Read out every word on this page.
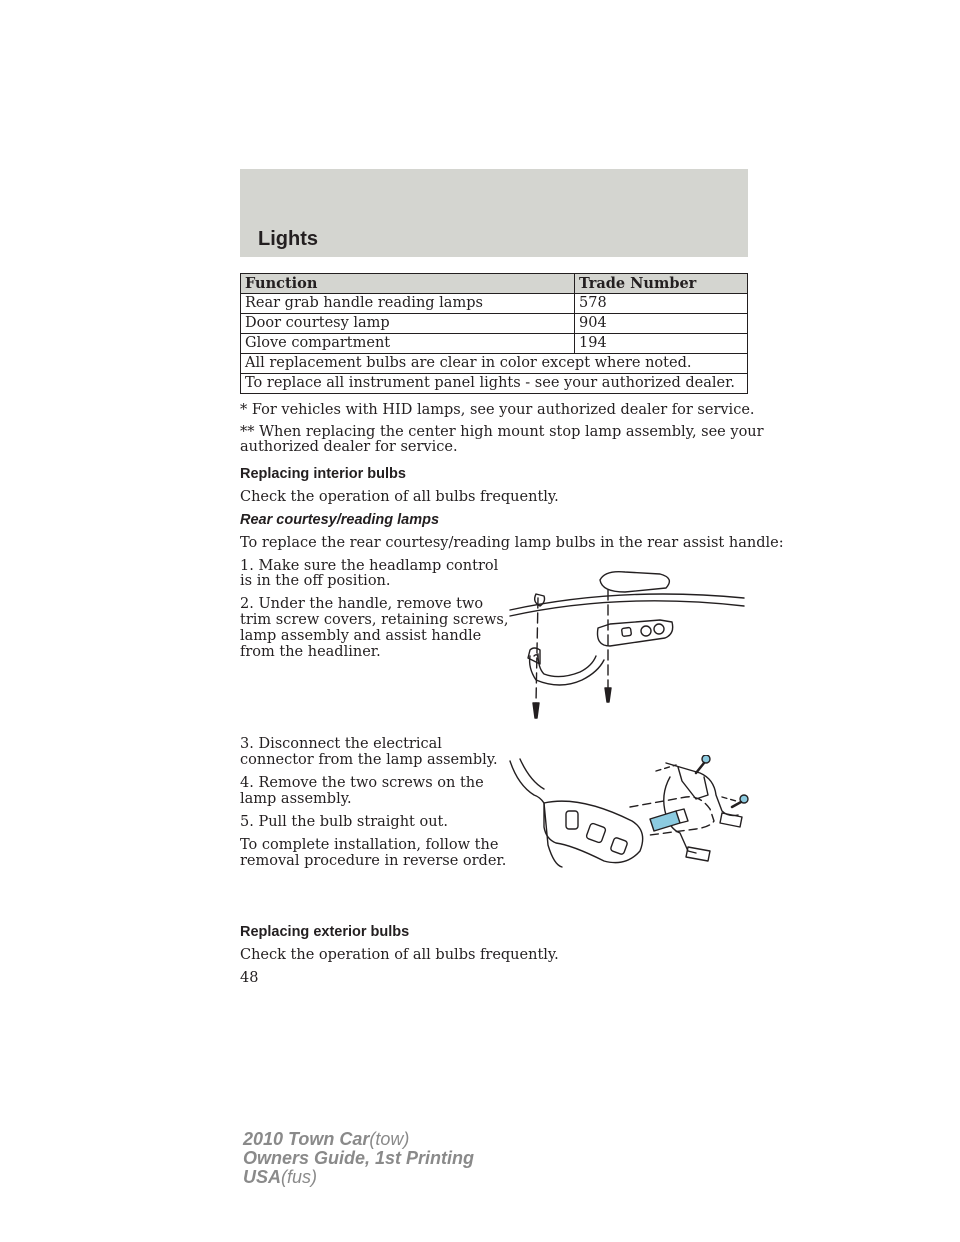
Lights
Function	Trade Number
Rear grab handle reading lamps	578
Door courtesy lamp	904
Glove compartment	194
All replacement bulbs are clear in color except where noted.	
To replace all instrument panel lights - see your authorized dealer.	

* For vehicles with HID lamps, see your authorized dealer for service.

** When replacing the center high mount stop lamp assembly, see your

authorized dealer for service.

Replacing interior bulbs

Check the operation of all bulbs frequently.

Rear courtesy/reading lamps

To replace the rear courtesy/reading lamp bulbs in the rear assist handle:

1. Make sure the headlamp control

is in the off position.

2. Under the handle, remove two

trim screw covers, retaining screws,

lamp assembly and assist handle

from the headliner.

3. Disconnect the electrical

connector from the lamp assembly.

4. Remove the two screws on the

lamp assembly.

5. Pull the bulb straight out.

To complete installation, follow the

removal procedure in reverse order.

Replacing exterior bulbs

Check the operation of all bulbs frequently.

48

2010 Town Car(tow)
Owners Guide, 1st Printing
USA(fus)
